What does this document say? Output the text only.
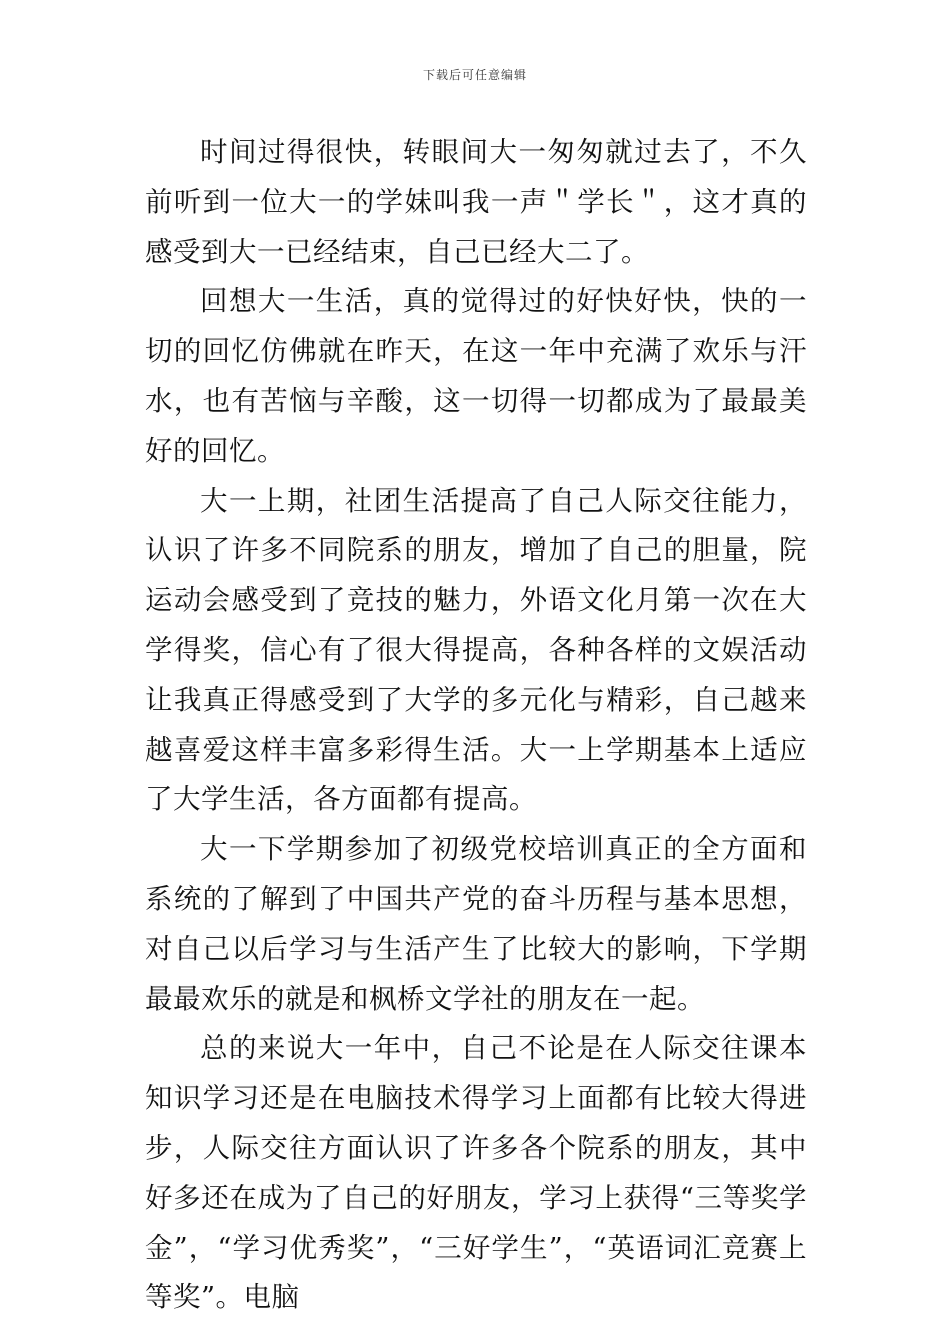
下载后可任意编辑

时间过得很快，转眼间大一匆匆就过去了，不久前听到一位大一的学妹叫我一声＂学长＂，这才真的感受到大一已经结束，自己已经大二了。

回想大一生活，真的觉得过的好快好快，快的一切的回忆仿佛就在昨天，在这一年中充满了欢乐与汗水，也有苦恼与辛酸，这一切得一切都成为了最最美好的回忆。

大一上期，社团生活提高了自己人际交往能力，认识了许多不同院系的朋友，增加了自己的胆量，院运动会感受到了竞技的魅力，外语文化月第一次在大学得奖，信心有了很大得提高，各种各样的文娱活动让我真正得感受到了大学的多元化与精彩，自己越来越喜爱这样丰富多彩得生活。大一上学期基本上适应了大学生活，各方面都有提高。

大一下学期参加了初级党校培训真正的全方面和系统的了解到了中国共产党的奋斗历程与基本思想，对自己以后学习与生活产生了比较大的影响，下学期最最欢乐的就是和枫桥文学社的朋友在一起。

总的来说大一年中，自己不论是在人际交往课本知识学习还是在电脑技术得学习上面都有比较大得进步，人际交往方面认识了许多各个院系的朋友，其中好多还在成为了自己的好朋友，学习上获得“三等奖学金”，“学习优秀奖”，“三好学生”，“英语词汇竞赛上等奖”。电脑
